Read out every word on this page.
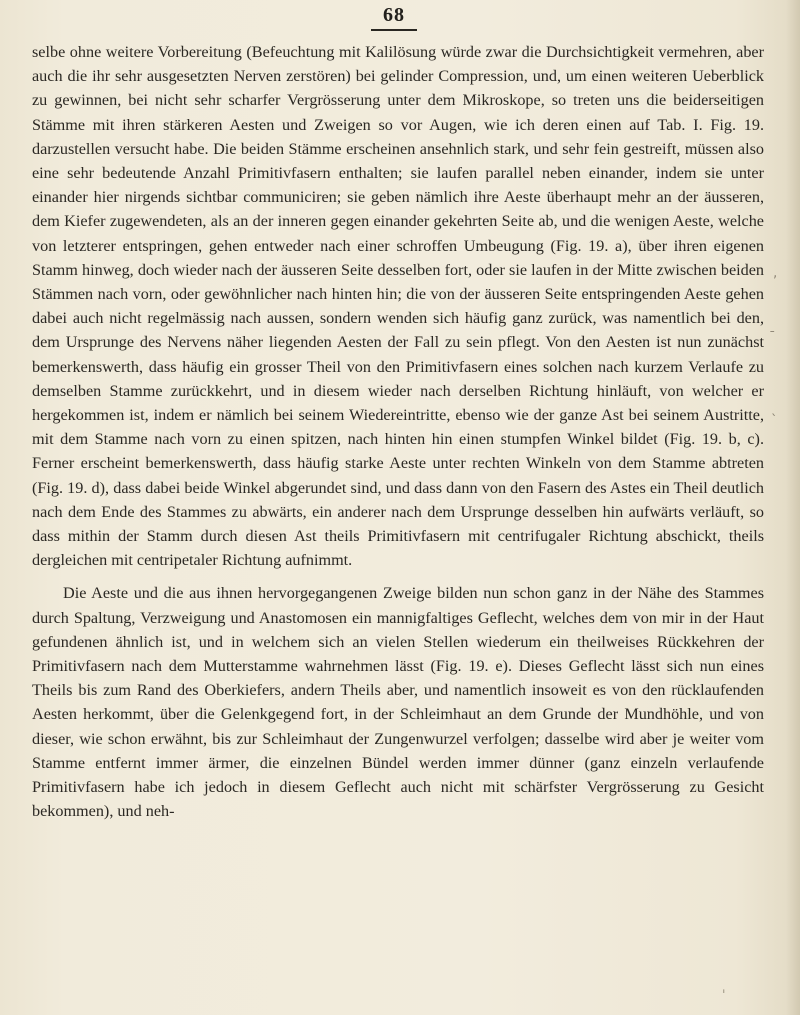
68

selbe ohne weitere Vorbereitung (Befeuchtung mit Kalilösung würde zwar die Durchsichtigkeit vermehren, aber auch die ihr sehr ausgesetzten Nerven zerstören) bei gelinder Compression, und, um einen weiteren Ueberblick zu gewinnen, bei nicht sehr scharfer Vergrösserung unter dem Mikroskope, so treten uns die beiderseitigen Stämme mit ihren stärkeren Aesten und Zweigen so vor Augen, wie ich deren einen auf Tab. I. Fig. 19. darzustellen versucht habe. Die beiden Stämme erscheinen ansehnlich stark, und sehr fein gestreift, müssen also eine sehr bedeutende Anzahl Primitivfasern enthalten; sie laufen parallel neben einander, indem sie unter einander hier nirgends sichtbar communiciren; sie geben nämlich ihre Aeste überhaupt mehr an der äusseren, dem Kiefer zugewendeten, als an der inneren gegen einander gekehrten Seite ab, und die wenigen Aeste, welche von letzterer entspringen, gehen entweder nach einer schroffen Umbeugung (Fig. 19. a), über ihren eigenen Stamm hinweg, doch wieder nach der äusseren Seite desselben fort, oder sie laufen in der Mitte zwischen beiden Stämmen nach vorn, oder gewöhnlicher nach hinten hin; die von der äusseren Seite entspringenden Aeste gehen dabei auch nicht regelmässig nach aussen, sondern wenden sich häufig ganz zurück, was namentlich bei den, dem Ursprunge des Nervens näher liegenden Aesten der Fall zu sein pflegt. Von den Aesten ist nun zunächst bemerkenswerth, dass häufig ein grosser Theil von den Primitivfasern eines solchen nach kurzem Verlaufe zu demselben Stamme zurückkehrt, und in diesem wieder nach derselben Richtung hinläuft, von welcher er hergekommen ist, indem er nämlich bei seinem Wiedereintritte, ebenso wie der ganze Ast bei seinem Austritte, mit dem Stamme nach vorn zu einen spitzen, nach hinten hin einen stumpfen Winkel bildet (Fig. 19. b, c). Ferner erscheint bemerkenswerth, dass häufig starke Aeste unter rechten Winkeln von dem Stamme abtreten (Fig. 19. d), dass dabei beide Winkel abgerundet sind, und dass dann von den Fasern des Astes ein Theil deutlich nach dem Ende des Stammes zu abwärts, ein anderer nach dem Ursprunge desselben hin aufwärts verläuft, so dass mithin der Stamm durch diesen Ast theils Primitivfasern mit centrifugaler Richtung abschickt, theils dergleichen mit centripetaler Richtung aufnimmt.

Die Aeste und die aus ihnen hervorgegangenen Zweige bilden nun schon ganz in der Nähe des Stammes durch Spaltung, Verzweigung und Anastomosen ein mannigfaltiges Geflecht, welches dem von mir in der Haut gefundenen ähnlich ist, und in welchem sich an vielen Stellen wiederum ein theilweises Rückkehren der Primitivfasern nach dem Mutterstamme wahrnehmen lässt (Fig. 19. e). Dieses Geflecht lässt sich nun eines Theils bis zum Rand des Oberkiefers, andern Theils aber, und namentlich insoweit es von den rücklaufenden Aesten herkommt, über die Gelenkgegend fort, in der Schleimhaut an dem Grunde der Mundhöhle, und von dieser, wie schon erwähnt, bis zur Schleimhaut der Zungenwurzel verfolgen; dasselbe wird aber je weiter vom Stamme entfernt immer ärmer, die einzelnen Bündel werden immer dünner (ganz einzeln verlaufende Primitivfasern habe ich jedoch in diesem Geflecht auch nicht mit schärfster Vergrösserung zu Gesicht bekommen), und neh-

‚
ˍ
ˎ
ˌ
